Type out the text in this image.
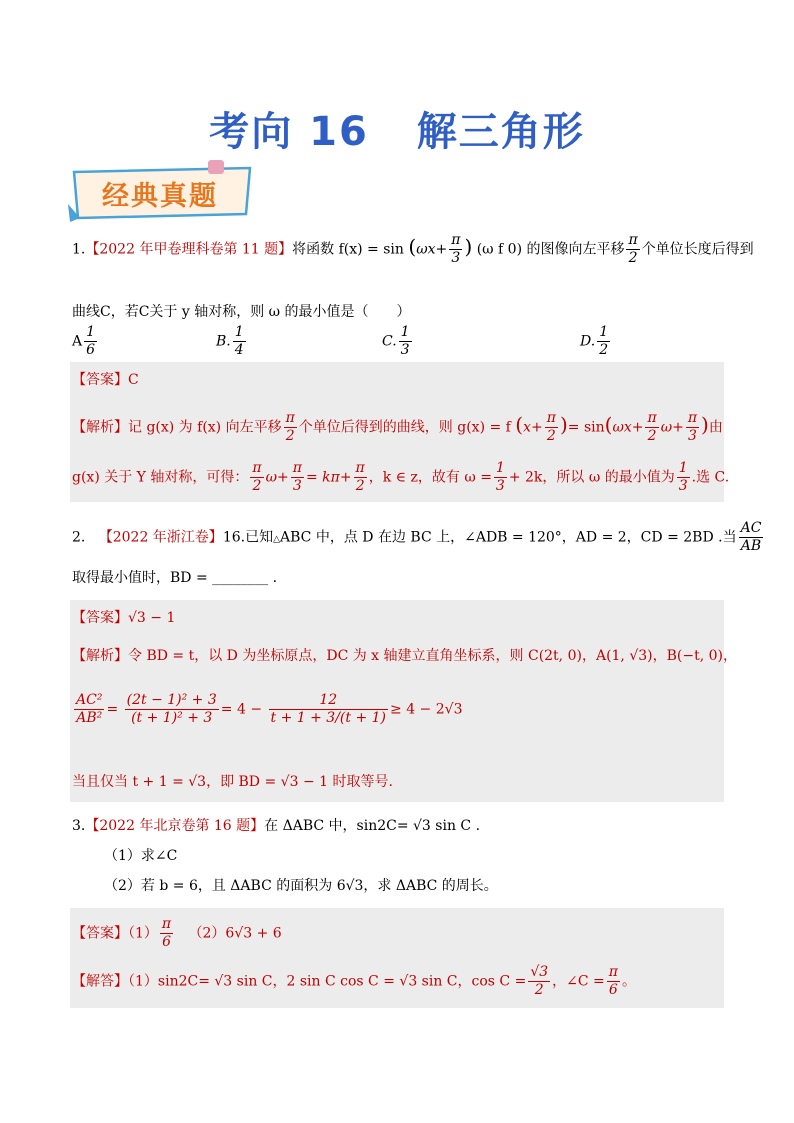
考向 16 解三角形
经典真题
1.【2022 年甲卷理科卷第 11 题】将函数 $f(x) = \sin (\omega x+ \frac{\pi}{3}$ ) (ω f 0) 的图像向左平移 $\frac{\pi}{2}$ 个单位长度后得到
曲线C，若C关于 y 轴对称，则 ω 的最小值是（　　）
A $\frac{1}{6}$	B. $\frac{1}{4}$	C. $\frac{1}{3}$	D. $\frac{1}{2}$
【答案】C
【解析】记 g(x) 为 f(x) 向左平移 $\frac{\pi}{2}$ 个单位后得到的曲线，则 g(x) = f ($x+ \frac{\pi}{2}$ )= $\sin(\omega x+ \frac{\pi}{2} \omega+ \frac{\pi}{3}$ )由
g(x) 关于 Y 轴对称，可得： $\frac{\pi}{2} \omega+ \frac{\pi}{3} = k\pi+ \frac{\pi}{2}$ ，k ∈ z，故有 $\omega = \frac{1}{3} + 2k$，所以 ω 的最小值为 $\frac{1}{3}$ .选 C.
2. 【2022 年浙江卷】16.已知△ABC 中，点 D 在边 BC 上，∠ADB = 120°，AD = 2，CD = 2BD .当 $\frac{AC}{AB}$
取得最小值时，BD = ________ .
【答案】√3 − 1
【解析】令 BD = t，以 D 为坐标原点，DC 为 x 轴建立直角坐标系，则 C(2t, 0)，A(1, √3)，B(−t, 0)，
$\frac{\text{AC²}}{\text{AB²}} = \frac{\text{(2t − 1)² + 3}}{\text{(t + 1)² + 3}} = 4 - \frac{12}{t + 1 + 3/(t + 1)} \ge 4 - 2√3$
当且仅当 t + 1 = √3，即 BD = √3 − 1 时取等号.
3.【2022 年北京卷第 16 题】在 ΔABC 中，sin2C= √3 sin C .
（1）求∠C
（2）若 b = 6，且 ΔABC 的面积为 6√3，求 ΔABC 的周长。
【答案】$(1) \frac{\pi}{6} (2)6√3 + 6$
【解答】（1）sin2C= √3 sin C，2 sin C cos C = √3 sin C，$\cos C = \frac{√3}{2}$ ，∠C = $\frac{\pi}{6}$ 。
